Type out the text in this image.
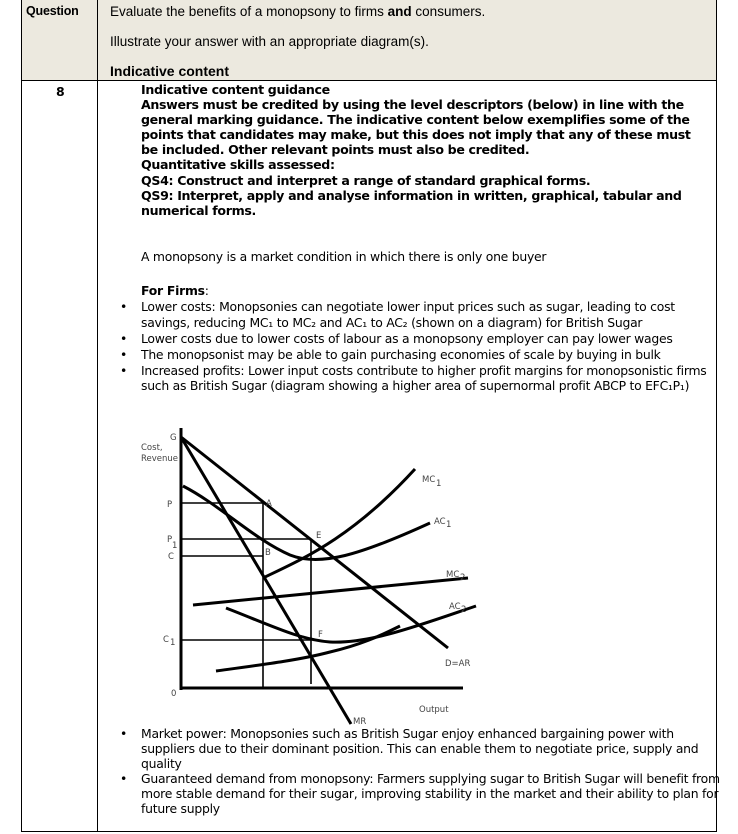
Question Evaluate the benefits of a monopsony to firms and consumers.
Illustrate your answer with an appropriate diagram(s).
Indicative content
8	Indicative content guidance
Answers must be credited by using the level descriptors (below) in line with the
general marking guidance. The indicative content below exemplifies some of the
points that candidates may make, but this does not imply that any of these must
be included. Other relevant points must also be credited.
Quantitative skills assessed:
QS4: Construct and interpret a range of standard graphical forms.
QS9: Interpret, apply and analyse information in written, graphical, tabular and
numerical forms.
A monopsony is a market condition in which there is only one buyer
For Firms:
• Lower costs: Monopsonies can negotiate lower input prices such as sugar, leading to cost savings, reducing MC₁ to MC₂ and AC₁ to AC₂ (shown on a diagram) for British Sugar
• Lower costs due to lower costs of labour as a monopsony employer can pay lower wages
• The monopsonist may be able to gain purchasing economies of scale by buying in bulk
• Increased profits: Lower input costs contribute to higher profit margins for monopsonistic firms such as British Sugar (diagram showing a higher area of supernormal profit ABCP to EFC₁P₁)
• Market power: Monopsonies such as British Sugar enjoy enhanced bargaining power with suppliers due to their dominant position. This can enable them to negotiate price, supply and quality
• Guaranteed demand from monopsony: Farmers supplying sugar to British Sugar will benefit from more stable demand for their sugar, improving stability in the market and their ability to plan for future supply
G
Cost,
Revenue
P
P
1
C
C 1
0
A
B
E
F
MC 1
AC 1
MC 2
AC 2
D=AR
Output
MR
